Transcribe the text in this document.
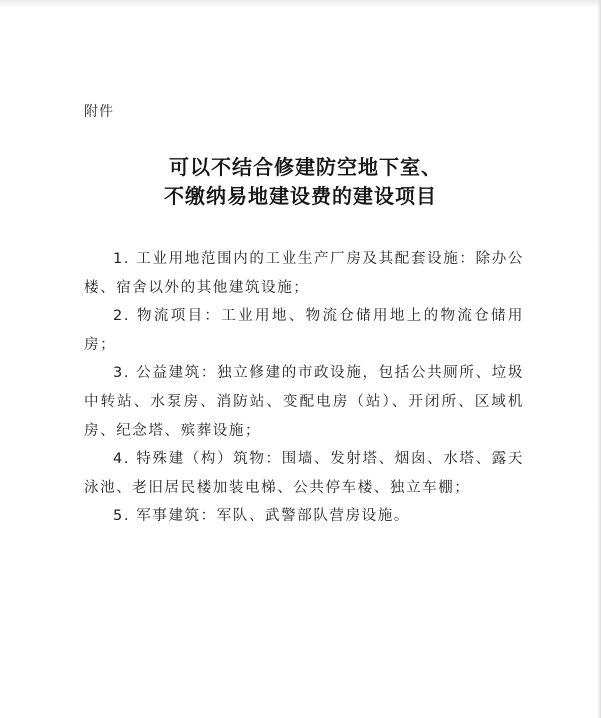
附件
可以不结合修建防空地下室、
不缴纳易地建设费的建设项目

1. 工业用地范围内的工业生产厂房及其配套设施：除办公楼、宿舍以外的其他建筑设施；

2. 物流项目：工业用地、物流仓储用地上的物流仓储用房；

3. 公益建筑：独立修建的市政设施，包括公共厕所、垃圾中转站、水泵房、消防站、变配电房（站）、开闭所、区域机房、纪念塔、殡葬设施；

4. 特殊建（构）筑物：围墙、发射塔、烟囱、水塔、露天泳池、老旧居民楼加装电梯、公共停车楼、独立车棚；

5. 军事建筑：军队、武警部队营房设施。
